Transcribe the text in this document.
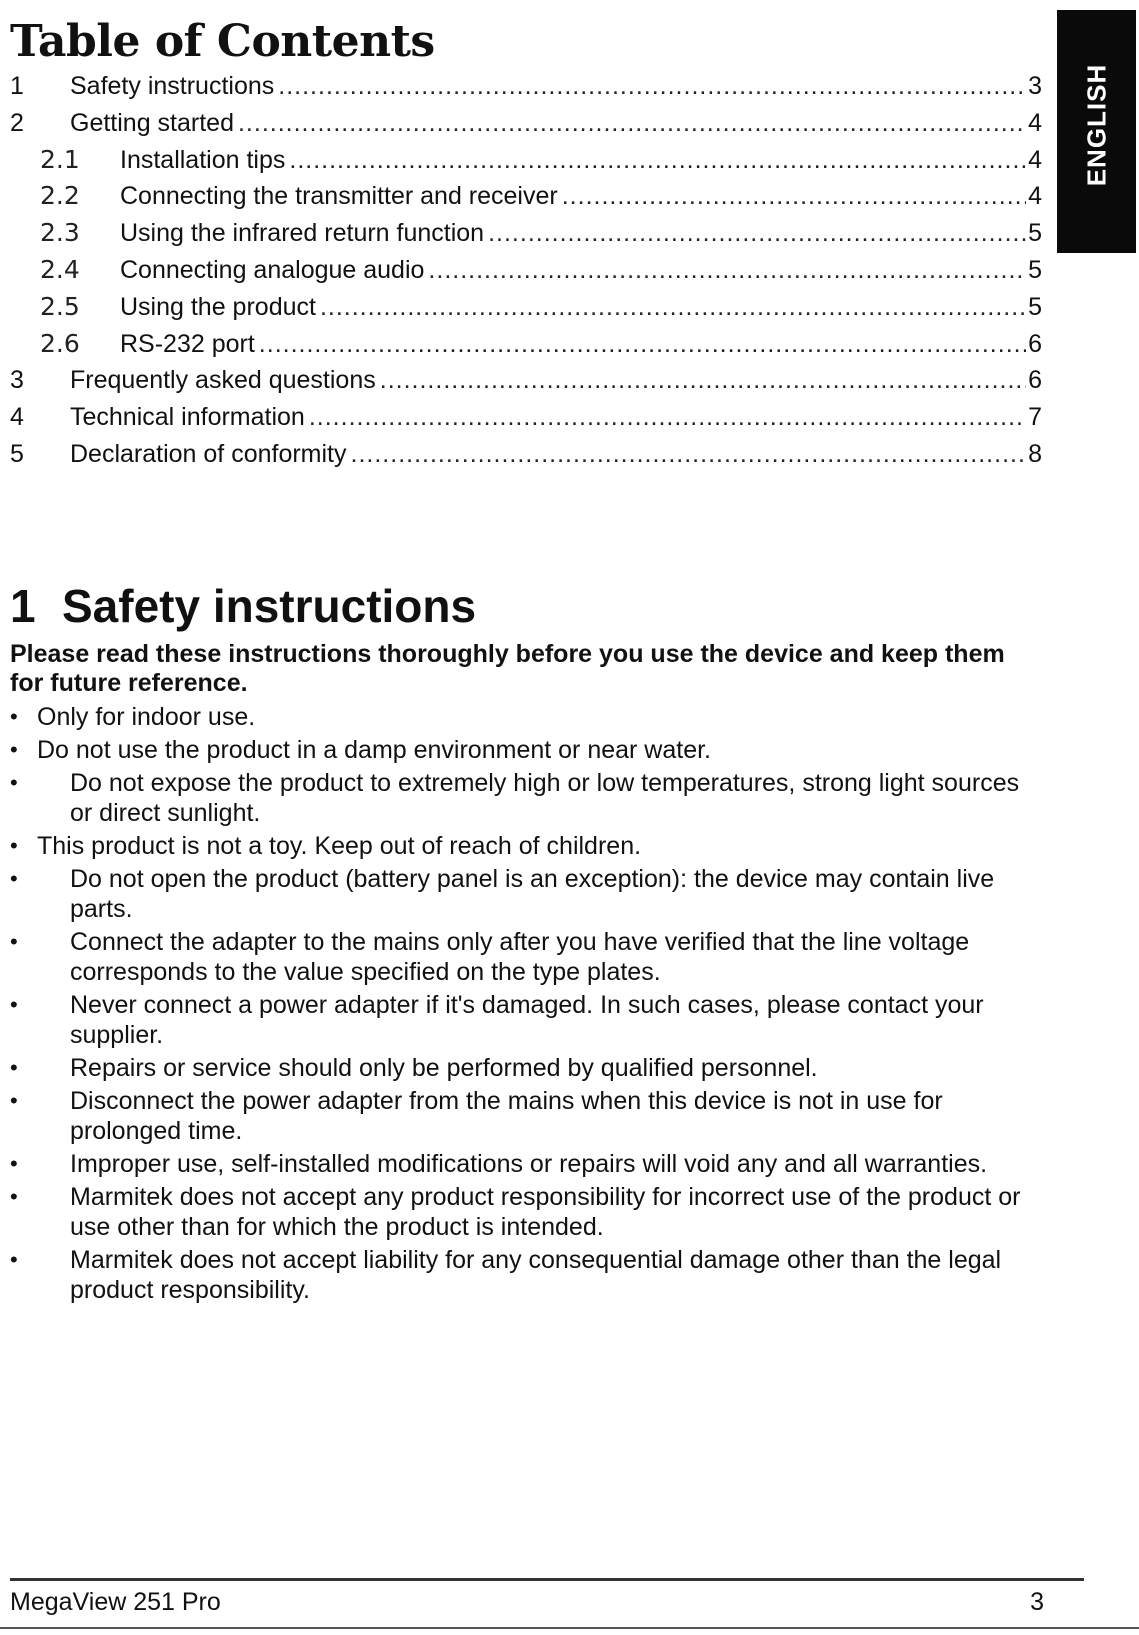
Table of Contents
ENGLISH
1	Safety instructions .....	3
2	Getting started .....	4
2.1	Installation tips .....	4
2.2	Connecting the transmitter and receiver .....	4
2.3	Using the infrared return function .....	5
2.4	Connecting analogue audio .....	5
2.5	Using the product .....	5
2.6	RS-232 port .....	6
3	Frequently asked questions .....	6
4	Technical information .....	7
5	Declaration of conformity .....	8
1 Safety instructions

Please read these instructions thoroughly before you use the device and keep them for future reference.

• Only for indoor use.
• Do not use the product in a damp environment or near water.
•	Do not expose the product to extremely high or low temperatures, strong light sources or direct sunlight.
• This product is not a toy. Keep out of reach of children.
•	Do not open the product (battery panel is an exception): the device may contain live parts.
•	Connect the adapter to the mains only after you have verified that the line voltage corresponds to the value specified on the type plates.
•	Never connect a power adapter if it's damaged. In such cases, please contact your supplier.
•	Repairs or service should only be performed by qualified personnel.
•	Disconnect the power adapter from the mains when this device is not in use for prolonged time.
•	Improper use, self-installed modifications or repairs will void any and all warranties.
•	Marmitek does not accept any product responsibility for incorrect use of the product or use other than for which the product is intended.
•	Marmitek does not accept liability for any consequential damage other than the legal product responsibility.
MegaView 251 Pro	3
